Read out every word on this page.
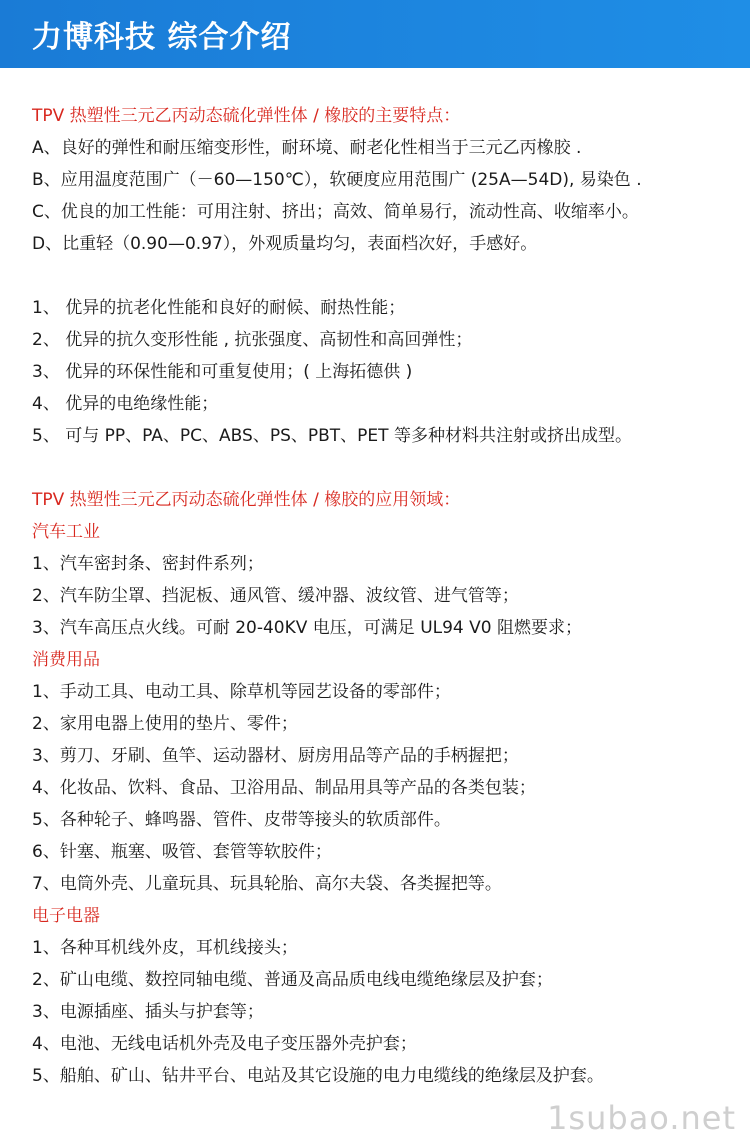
力博科技 综合介绍
TPV 热塑性三元乙丙动态硫化弹性体 / 橡胶的主要特点：
A、良好的弹性和耐压缩变形性，耐环境、耐老化性相当于三元乙丙橡胶 .
B、应用温度范围广（－60—150℃），软硬度应用范围广 (25A—54D), 易染色 .
C、优良的加工性能：可用注射、挤出；高效、简单易行，流动性高、收缩率小。
D、比重轻（0.90—0.97），外观质量均匀，表面档次好，手感好。
1、 优异的抗老化性能和良好的耐候、耐热性能；
2、 优异的抗久变形性能 , 抗张强度、高韧性和高回弹性；
3、 优异的环保性能和可重复使用；( 上海拓德供 )
4、 优异的电绝缘性能；
5、 可与 PP、PA、PC、ABS、PS、PBT、PET 等多种材料共注射或挤出成型。
TPV 热塑性三元乙丙动态硫化弹性体 / 橡胶的应用领域：
汽车工业
1、汽车密封条、密封件系列；
2、汽车防尘罩、挡泥板、通风管、缓冲器、波纹管、进气管等；
3、汽车高压点火线。可耐 20-40KV 电压，可满足 UL94 V0 阻燃要求；
消费用品
1、手动工具、电动工具、除草机等园艺设备的零部件；
2、家用电器上使用的垫片、零件；
3、剪刀、牙刷、鱼竿、运动器材、厨房用品等产品的手柄握把；
4、化妆品、饮料、食品、卫浴用品、制品用具等产品的各类包装；
5、各种轮子、蜂鸣器、管件、皮带等接头的软质部件。
6、针塞、瓶塞、吸管、套管等软胶件；
7、电筒外壳、儿童玩具、玩具轮胎、高尔夫袋、各类握把等。
电子电器
1、各种耳机线外皮，耳机线接头；
2、矿山电缆、数控同轴电缆、普通及高品质电线电缆绝缘层及护套；
3、电源插座、插头与护套等；
4、电池、无线电话机外壳及电子变压器外壳护套；
5、船舶、矿山、钻井平台、电站及其它设施的电力电缆线的绝缘层及护套。
1subao.net
